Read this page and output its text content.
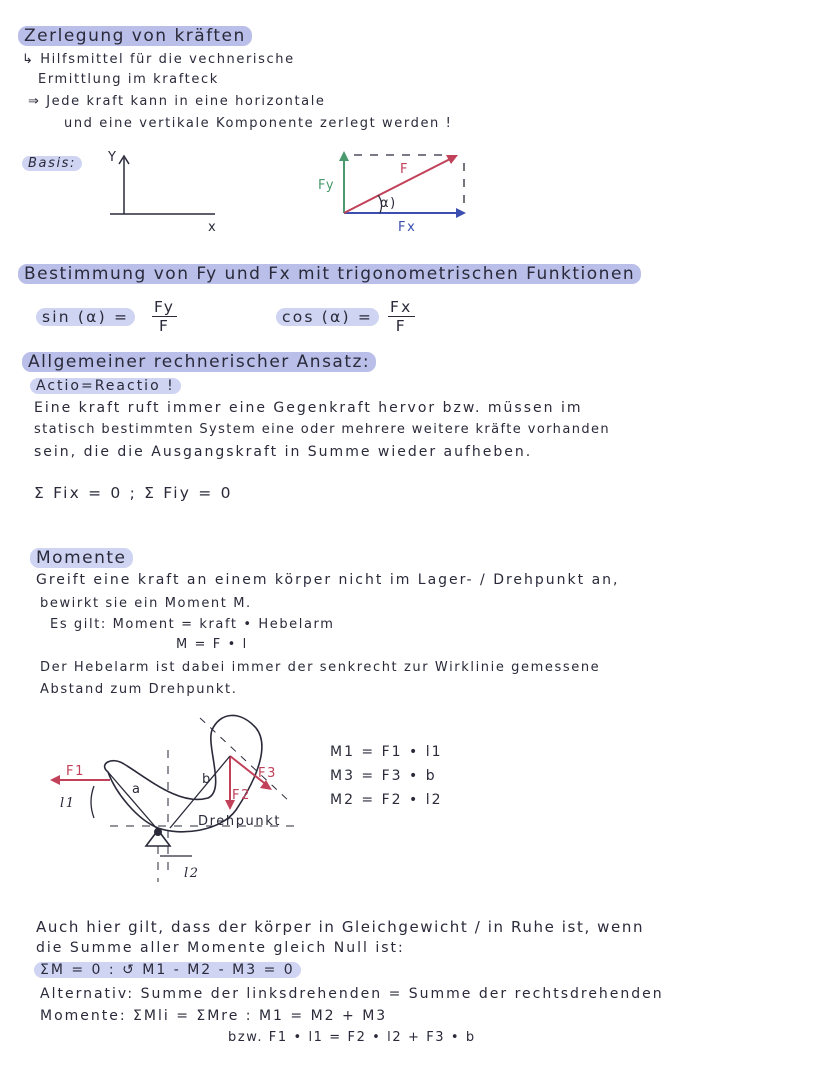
Zerlegung von kräften
↳ Hilfsmittel für die vechnerische
Ermittlung im krafteck
⇒ Jede kraft kann in eine horizontale
und eine vertikale Komponente zerlegt werden !
Basis:	Y
x
Fy
F
α)
Fx
Bestimmung von Fy und Fx mit trigonometrischen Funktionen
sin (α) =	$\frac{Fy}{F}$	$\cos (\alpha) = \frac{Fx}{F}$
Allgemeiner rechnerischer Ansatz:
Actio=Reactio !
Eine kraft ruft immer eine Gegenkraft hervor bzw. müssen im
statisch bestimmten System eine oder mehrere weitere kräfte vorhanden
sein, die die Ausgangskraft in Summe wieder aufheben.
Σ Fix = 0 ; Σ Fiy = 0
Momente
Greift eine kraft an einem körper nicht im Lager- / Drehpunkt an,
bewirkt sie ein Moment M.
Es gilt: Moment = kraft • Hebelarm
M = F • l
Der Hebelarm ist dabei immer der senkrecht zur Wirklinie gemessene
Abstand zum Drehpunkt.
F1
F2
F3
l1
l2
a
b
Drehpunkt
M1 = F1 • l1
M3 = F3 • b
M2 = F2 • l2
Auch hier gilt, dass der körper in Gleichgewicht / in Ruhe ist, wenn
die Summe aller Momente gleich Null ist:
ΣM = 0 : ↺ M1 - M2 - M3 = 0
Alternativ: Summe der linksdrehenden = Summe der rechtsdrehenden
Momente: ΣMli = ΣMre : M1 = M2 + M3
bzw. F1 • l1 = F2 • l2 + F3 • b
